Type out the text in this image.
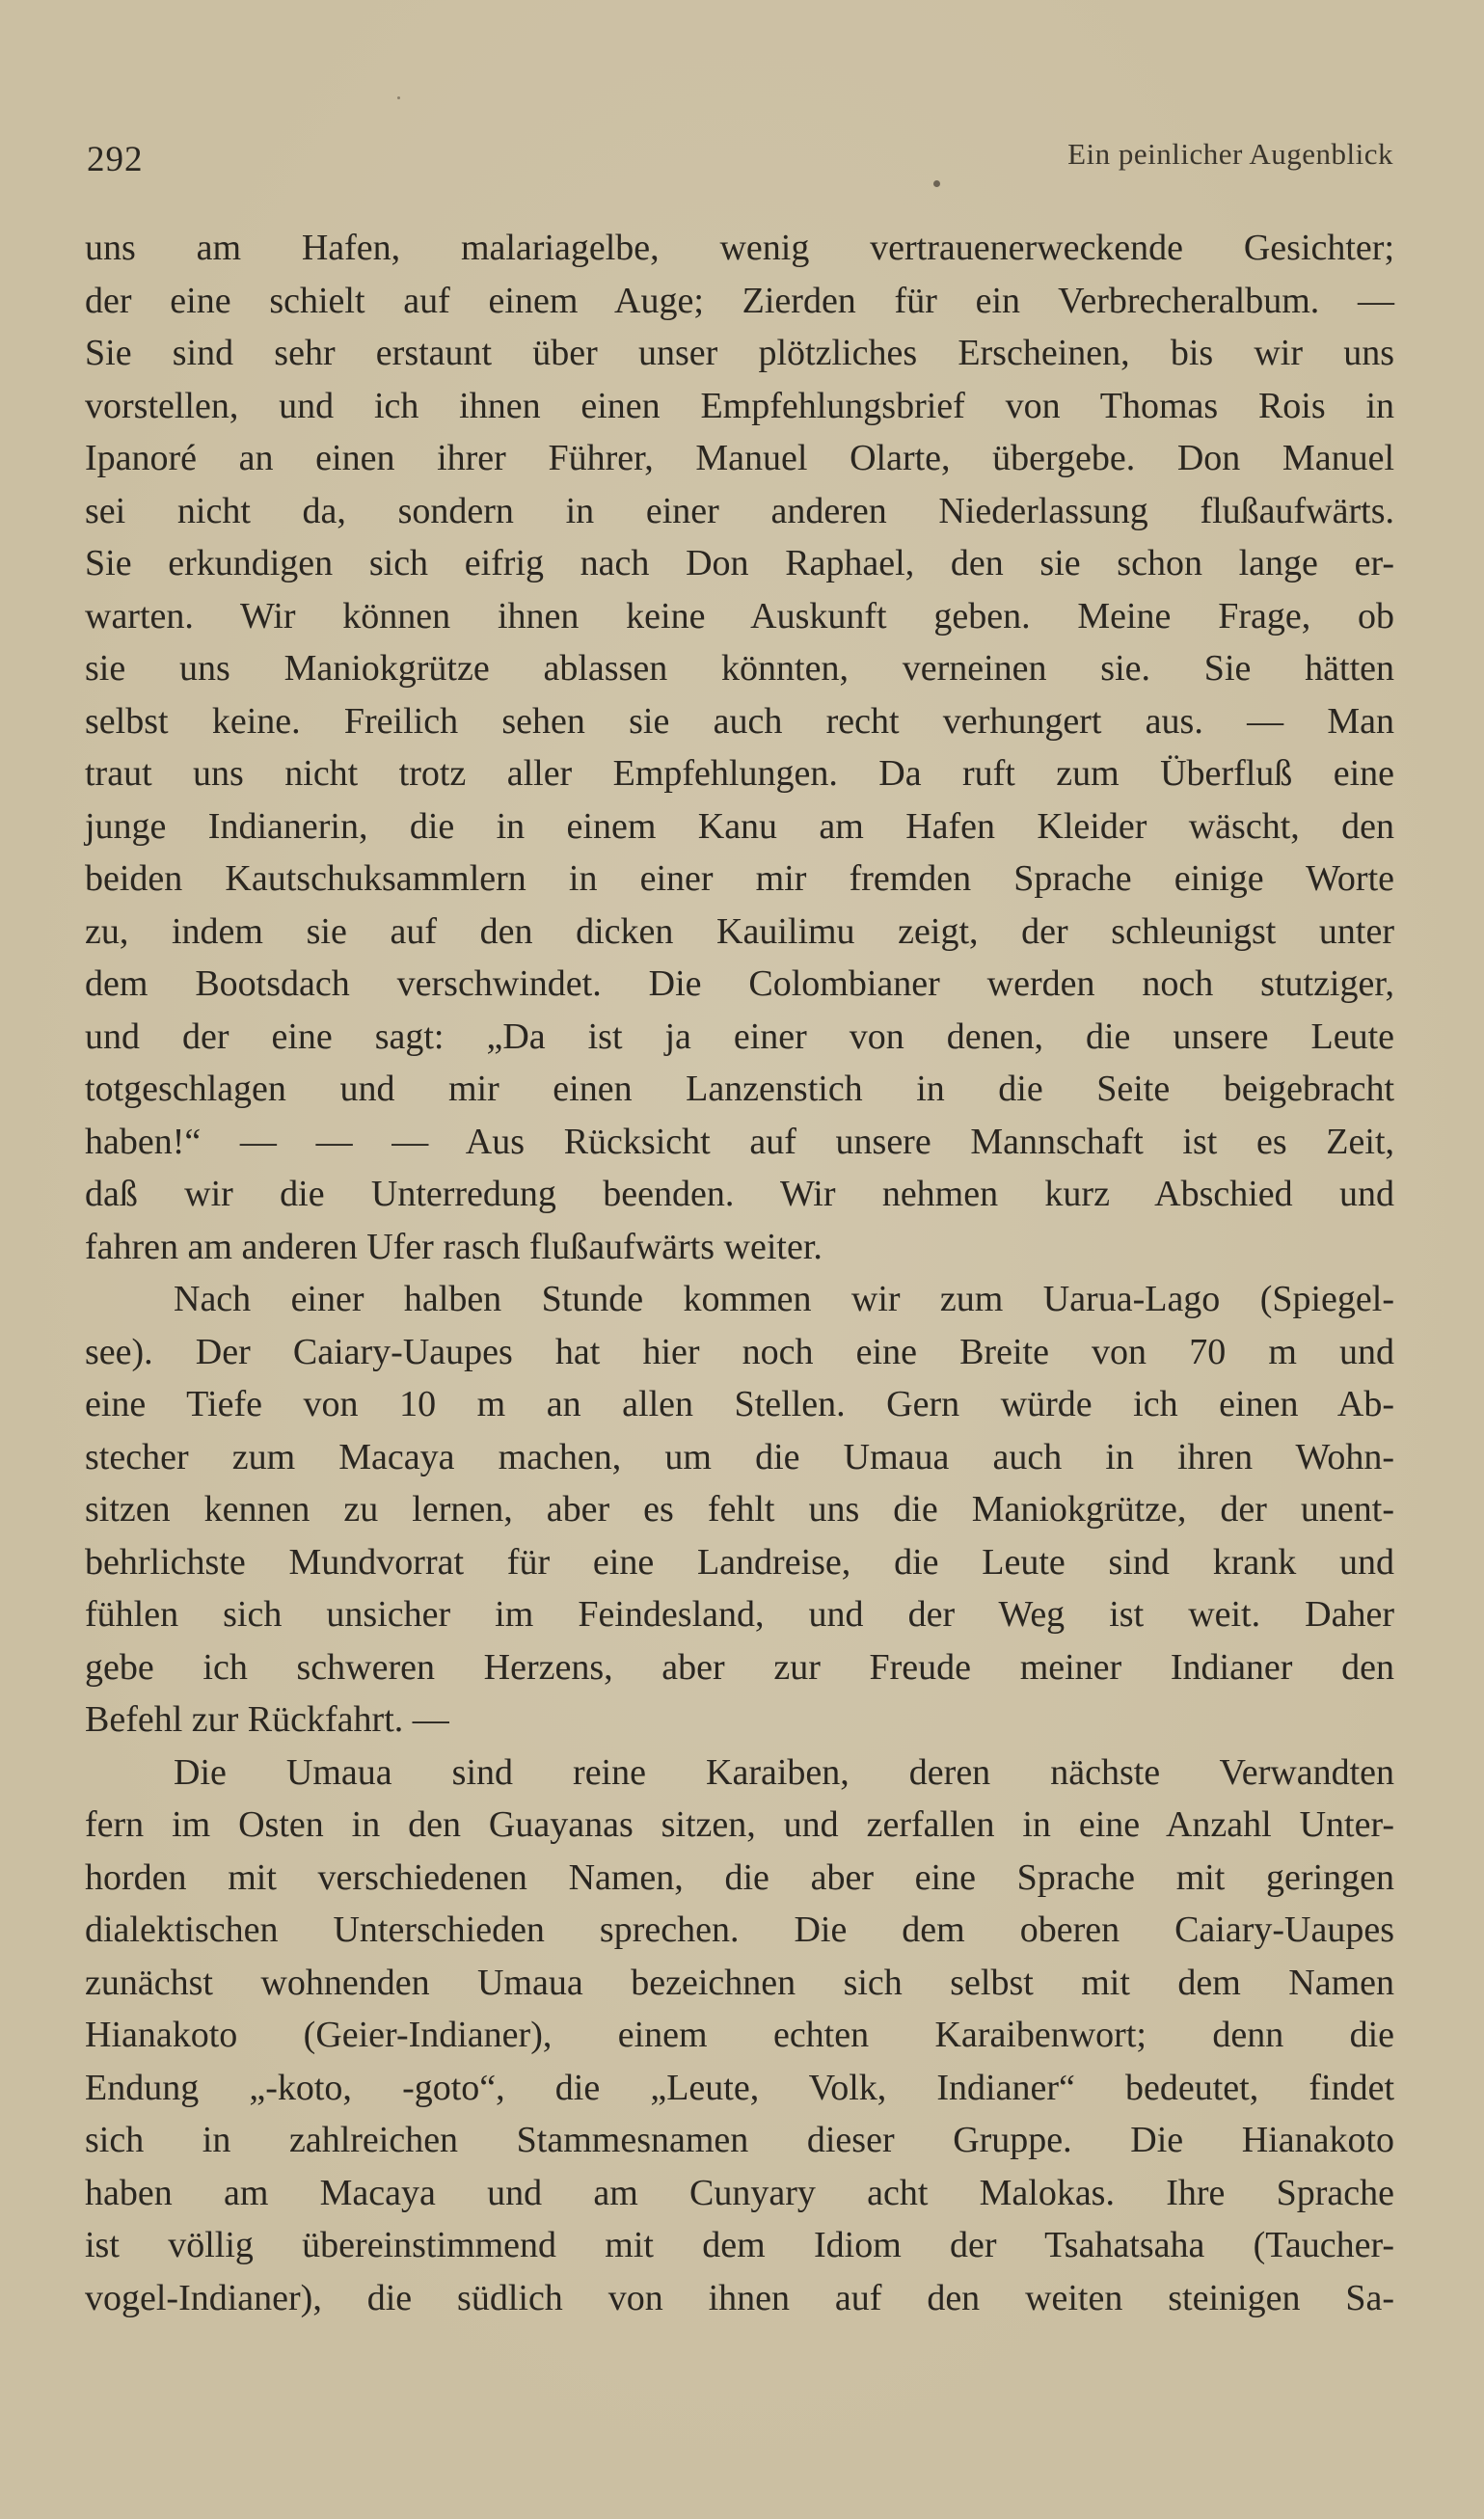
292	Ein peinlicher Augenblick
uns am Hafen, malariagelbe, wenig vertrauenerweckende Gesichter;
der eine schielt auf einem Auge; Zierden für ein Verbrecheralbum. —
Sie sind sehr erstaunt über unser plötzliches Erscheinen, bis wir uns
vorstellen, und ich ihnen einen Empfehlungsbrief von Thomas Rois in
Ipanoré an einen ihrer Führer, Manuel Olarte, übergebe. Don Manuel
sei nicht da, sondern in einer anderen Niederlassung flußaufwärts.
Sie erkundigen sich eifrig nach Don Raphael, den sie schon lange er-
warten. Wir können ihnen keine Auskunft geben. Meine Frage, ob
sie uns Maniokgrütze ablassen könnten, verneinen sie. Sie hätten
selbst keine. Freilich sehen sie auch recht verhungert aus. — Man
traut uns nicht trotz aller Empfehlungen. Da ruft zum Überfluß eine
junge Indianerin, die in einem Kanu am Hafen Kleider wäscht, den
beiden Kautschuksammlern in einer mir fremden Sprache einige Worte
zu, indem sie auf den dicken Kauilimu zeigt, der schleunigst unter
dem Bootsdach verschwindet. Die Colombianer werden noch stutziger,
und der eine sagt: „Da ist ja einer von denen, die unsere Leute
totgeschlagen und mir einen Lanzenstich in die Seite beigebracht
haben!“ — — — Aus Rücksicht auf unsere Mannschaft ist es Zeit,
daß wir die Unterredung beenden. Wir nehmen kurz Abschied und
fahren am anderen Ufer rasch flußaufwärts weiter.
Nach einer halben Stunde kommen wir zum Uarua-Lago (Spiegel-
see). Der Caiary-Uaupes hat hier noch eine Breite von 70 m und
eine Tiefe von 10 m an allen Stellen. Gern würde ich einen Ab-
stecher zum Macaya machen, um die Umaua auch in ihren Wohn-
sitzen kennen zu lernen, aber es fehlt uns die Maniokgrütze, der unent-
behrlichste Mundvorrat für eine Landreise, die Leute sind krank und
fühlen sich unsicher im Feindesland, und der Weg ist weit. Daher
gebe ich schweren Herzens, aber zur Freude meiner Indianer den
Befehl zur Rückfahrt. —
Die Umaua sind reine Karaiben, deren nächste Verwandten
fern im Osten in den Guayanas sitzen, und zerfallen in eine Anzahl Unter-
horden mit verschiedenen Namen, die aber eine Sprache mit geringen
dialektischen Unterschieden sprechen. Die dem oberen Caiary-Uaupes
zunächst wohnenden Umaua bezeichnen sich selbst mit dem Namen
Hianakoto (Geier-Indianer), einem echten Karaibenwort; denn die
Endung „-koto, -goto“, die „Leute, Volk, Indianer“ bedeutet, findet
sich in zahlreichen Stammesnamen dieser Gruppe. Die Hianakoto
haben am Macaya und am Cunyary acht Malokas. Ihre Sprache
ist völlig übereinstimmend mit dem Idiom der Tsahatsaha (Taucher-
vogel-Indianer), die südlich von ihnen auf den weiten steinigen Sa-
